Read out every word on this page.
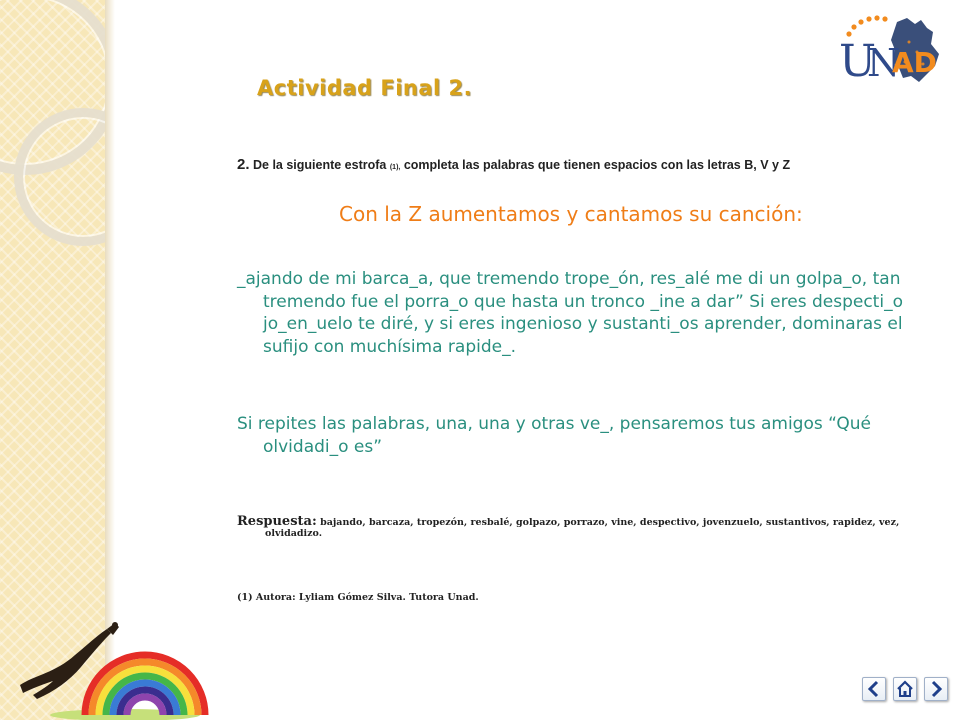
U
N
AD
Actividad Final 2.
2. De la siguiente estrofa (1), completa las palabras que tienen espacios con las letras B, V y Z
Con la Z aumentamos y cantamos su canción:
_ajando de mi barca_a, que tremendo trope_ón, res_alé me di un golpa_o, tan tremendo fue el porra_o que hasta un tronco _ine a dar” Si eres despecti_o jo_en_uelo te diré, y si eres ingenioso y sustanti_os aprender, dominaras el sufijo con muchísima rapide_.
Si repites las palabras, una, una y otras ve_, pensaremos tus amigos “Qué olvidadi_o es”
Respuesta: bajando, barcaza, tropezón, resbalé, golpazo, porrazo, vine, despectivo, jovenzuelo, sustantivos, rapidez, vez, olvidadizo.
(1) Autora: Lyliam Gómez Silva. Tutora Unad.
